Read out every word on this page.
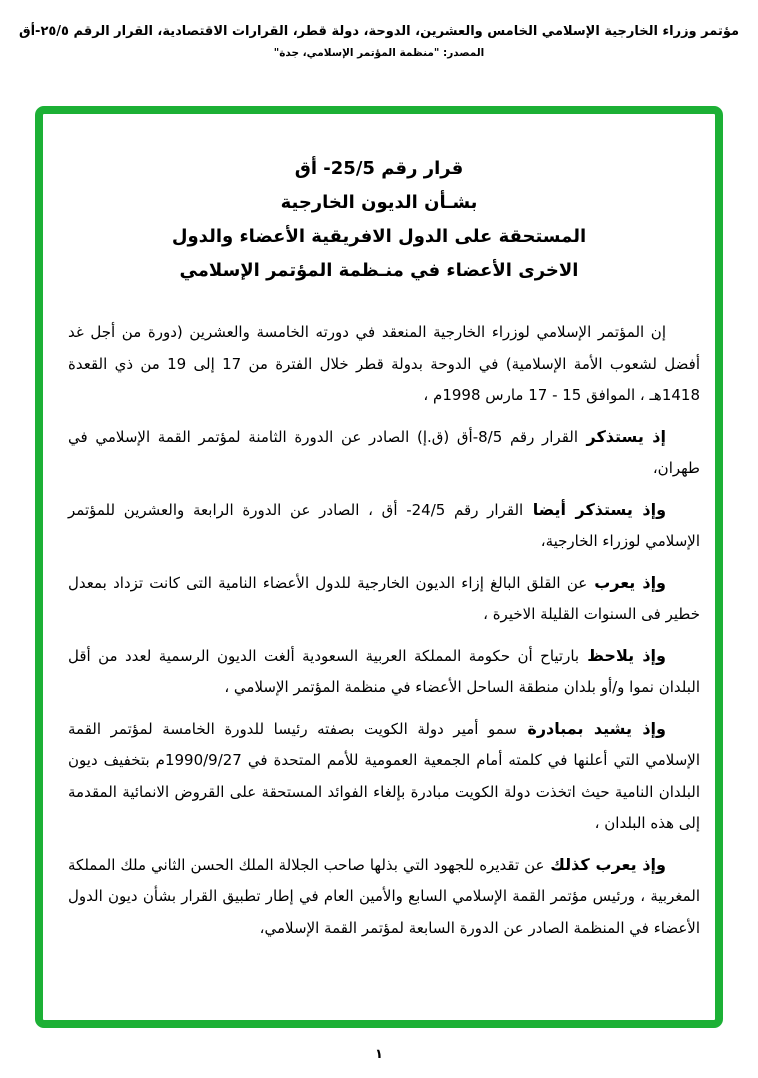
مؤتمر وزراء الخارجية الإسلامي الخامس والعشرين، الدوحة، دولة قطر، القرارات الاقتصادية، القرار الرقم ٢٥/٥-أق
المصدر: "منظمة المؤتمر الإسلامي، جدة"
قرار رقم 25/5- أق
بشـأن الديون الخارجية
المستحقة على الدول الافريقية الأعضاء والدول
الاخرى الأعضاء في منـظمة المؤتمر الإسلامي

إن المؤتمر الإسلامي لوزراء الخارجية المنعقد في دورته الخامسة والعشرين (دورة من أجل غد أفضل لشعوب الأمة الإسلامية) في الدوحة بدولة قطر خلال الفترة من 17 إلى 19 من ذي القعدة 1418هـ ، الموافق 15 - 17 مارس 1998م ،

إذ يستذكر القرار رقم 8/5-أق (ق.إ) الصادر عن الدورة الثامنة لمؤتمر القمة الإسلامي في طهران،

وإذ يستذكر أيضا القرار رقم 24/5- أق ، الصادر عن الدورة الرابعة والعشرين للمؤتمر الإسلامي لوزراء الخارجية،

وإذ يعرب عن القلق البالغ إزاء الديون الخارجية للدول الأعضاء النامية التى كانت تزداد بمعدل خطير فى السنوات القليلة الاخيرة ،

وإذ يلاحظ بارتياح أن حكومة المملكة العربية السعودية ألغت الديون الرسمية لعدد من أقل البلدان نموا و/أو بلدان منطقة الساحل الأعضاء في منظمة المؤتمر الإسلامي ،

وإذ يشيد بمبادرة سمو أمير دولة الكويت بصفته رئيسا للدورة الخامسة لمؤتمر القمة الإسلامي التي أعلنها في كلمته أمام الجمعية العمومية للأمم المتحدة في 1990/9/27م بتخفيف ديون البلدان النامية حيث اتخذت دولة الكويت مبادرة بإلغاء الفوائد المستحقة على القروض الانمائية المقدمة إلى هذه البلدان ،

وإذ يعرب كذلك عن تقديره للجهود التي بذلها صاحب الجلالة الملك الحسن الثاني ملك المملكة المغربية ، ورئيس مؤتمر القمة الإسلامي السابع والأمين العام في إطار تطبيق القرار بشأن ديون الدول الأعضاء في المنظمة الصادر عن الدورة السابعة لمؤتمر القمة الإسلامي،

١
